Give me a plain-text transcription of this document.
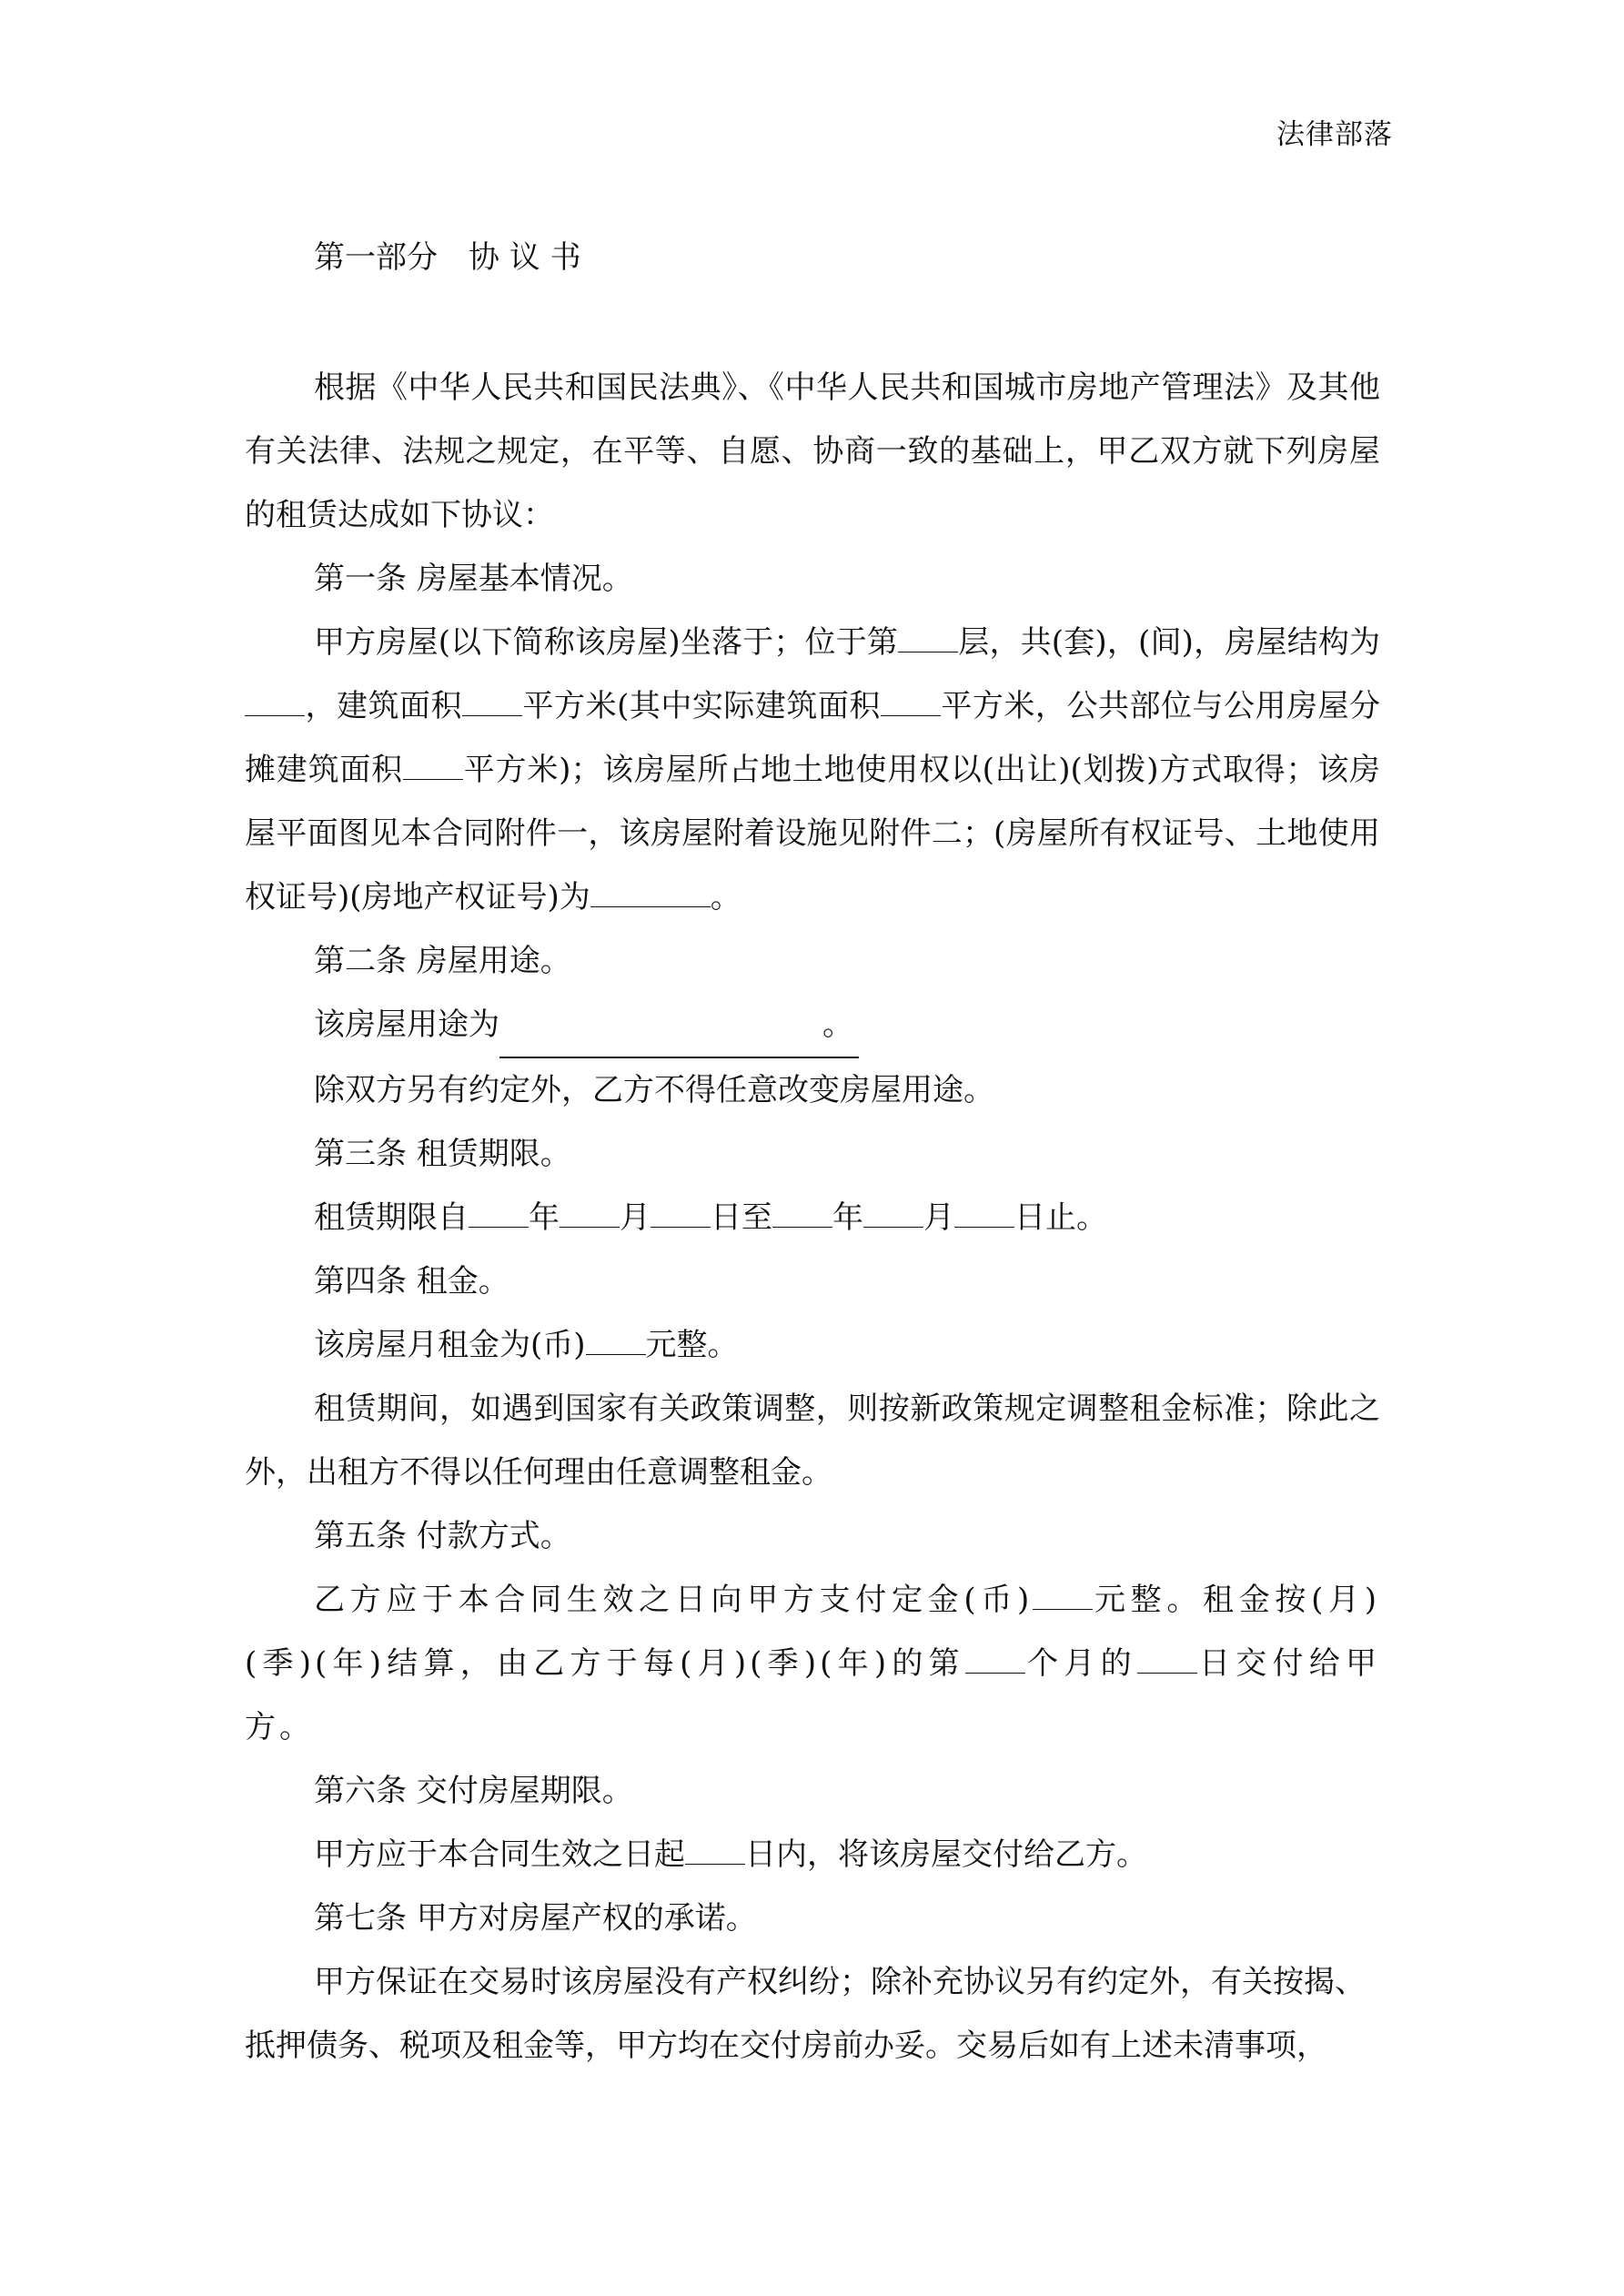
法律部落

第一部分　协 议 书

根据《中华人民共和国民法典》、《中华人民共和国城市房地产管理法》及其他有关法律、法规之规定，在平等、自愿、协商一致的基础上，甲乙双方就下列房屋的租赁达成如下协议：

第一条 房屋基本情况。

甲方房屋(以下简称该房屋)坐落于；位于第 层，共(套)，(间)，房屋结构为，建筑面积 平方米(其中实际建筑面积 平方米，公共部位与公用房屋分摊建筑面积 平方米)；该房屋所占地土地使用权以(出让)(划拨)方式取得；该房屋平面图见本合同附件一，该房屋附着设施见附件二；(房屋所有权证号、土地使用权证号)(房地产权证号)为	。

第二条 房屋用途。

该房屋用途为	。

除双方另有约定外，乙方不得任意改变房屋用途。

第三条 租赁期限。

租赁期限自 年 月 日至 年 月 日止。

第四条 租金。

该房屋月租金为(币) 元整。

租赁期间，如遇到国家有关政策调整，则按新政策规定调整租金标准；除此之外，出租方不得以任何理由任意调整租金。

第五条 付款方式。

乙方应于本合同生效之日向甲方支付定金(币) 元整。租金按(月)(季)(年)结算，由乙方于每(月)(季)(年)的第 个月的 日交付给甲方。

第六条 交付房屋期限。

甲方应于本合同生效之日起 日内，将该房屋交付给乙方。

第七条 甲方对房屋产权的承诺。

甲方保证在交易时该房屋没有产权纠纷；除补充协议另有约定外，有关按揭、抵押债务、税项及租金等，甲方均在交付房前办妥。交易后如有上述未清事项，
